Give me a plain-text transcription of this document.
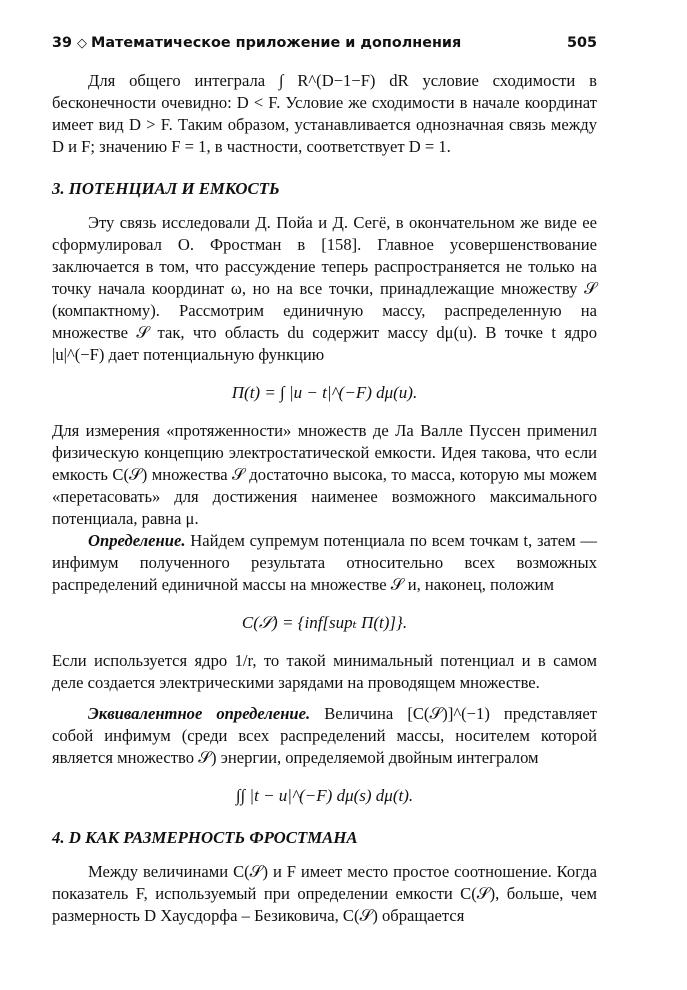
39 ◇ Математическое приложение и дополнения	505

Для общего интеграла ∫ R^(D−1−F) dR условие сходимости в бесконечности очевидно: D < F. Условие же сходимости в начале координат имеет вид D > F. Таким образом, устанавливается однозначная связь между D и F; значению F = 1, в частности, соответствует D = 1.

3. ПОТЕНЦИАЛ И ЕМКОСТЬ

Эту связь исследовали Д. Пойа и Д. Сегё, в окончательном же виде ее сформулировал О. Фростман в [158]. Главное усовершенствование заключается в том, что рассуждение теперь распространяется не только на точку начала координат ω, но на все точки, принадлежащие множеству 𝒮 (компактному). Рассмотрим единичную массу, распределенную на множестве 𝒮 так, что область du содержит массу dμ(u). В точке t ядро |u|^(−F) дает потенциальную функцию

Π(t) = ∫ |u − t|^(−F) dμ(u).

Для измерения «протяженности» множеств де Ла Валле Пуссен применил физическую концепцию электростатической емкости. Идея такова, что если емкость C(𝒮) множества 𝒮 достаточно высока, то масса, которую мы можем «перетасовать» для достижения наименее возможного максимального потенциала, равна μ.

Определение. Найдем супремум потенциала по всем точкам t, затем — инфимум полученного результата относительно всех возможных распределений единичной массы на множестве 𝒮 и, наконец, положим

C(𝒮) = {inf[supₜ Π(t)]}.

Если используется ядро 1/r, то такой минимальный потенциал и в самом деле создается электрическими зарядами на проводящем множестве.

Эквивалентное определение. Величина [C(𝒮)]^(−1) представляет собой инфимум (среди всех распределений массы, носителем которой является множество 𝒮) энергии, определяемой двойным интегралом

∫∫ |t − u|^(−F) dμ(s) dμ(t).
4. D КАК РАЗМЕРНОСТЬ ФРОСТМАНА

Между величинами C(𝒮) и F имеет место простое соотношение. Когда показатель F, используемый при определении емкости C(𝒮), больше, чем размерность D Хаусдорфа – Безиковича, C(𝒮) обращается
